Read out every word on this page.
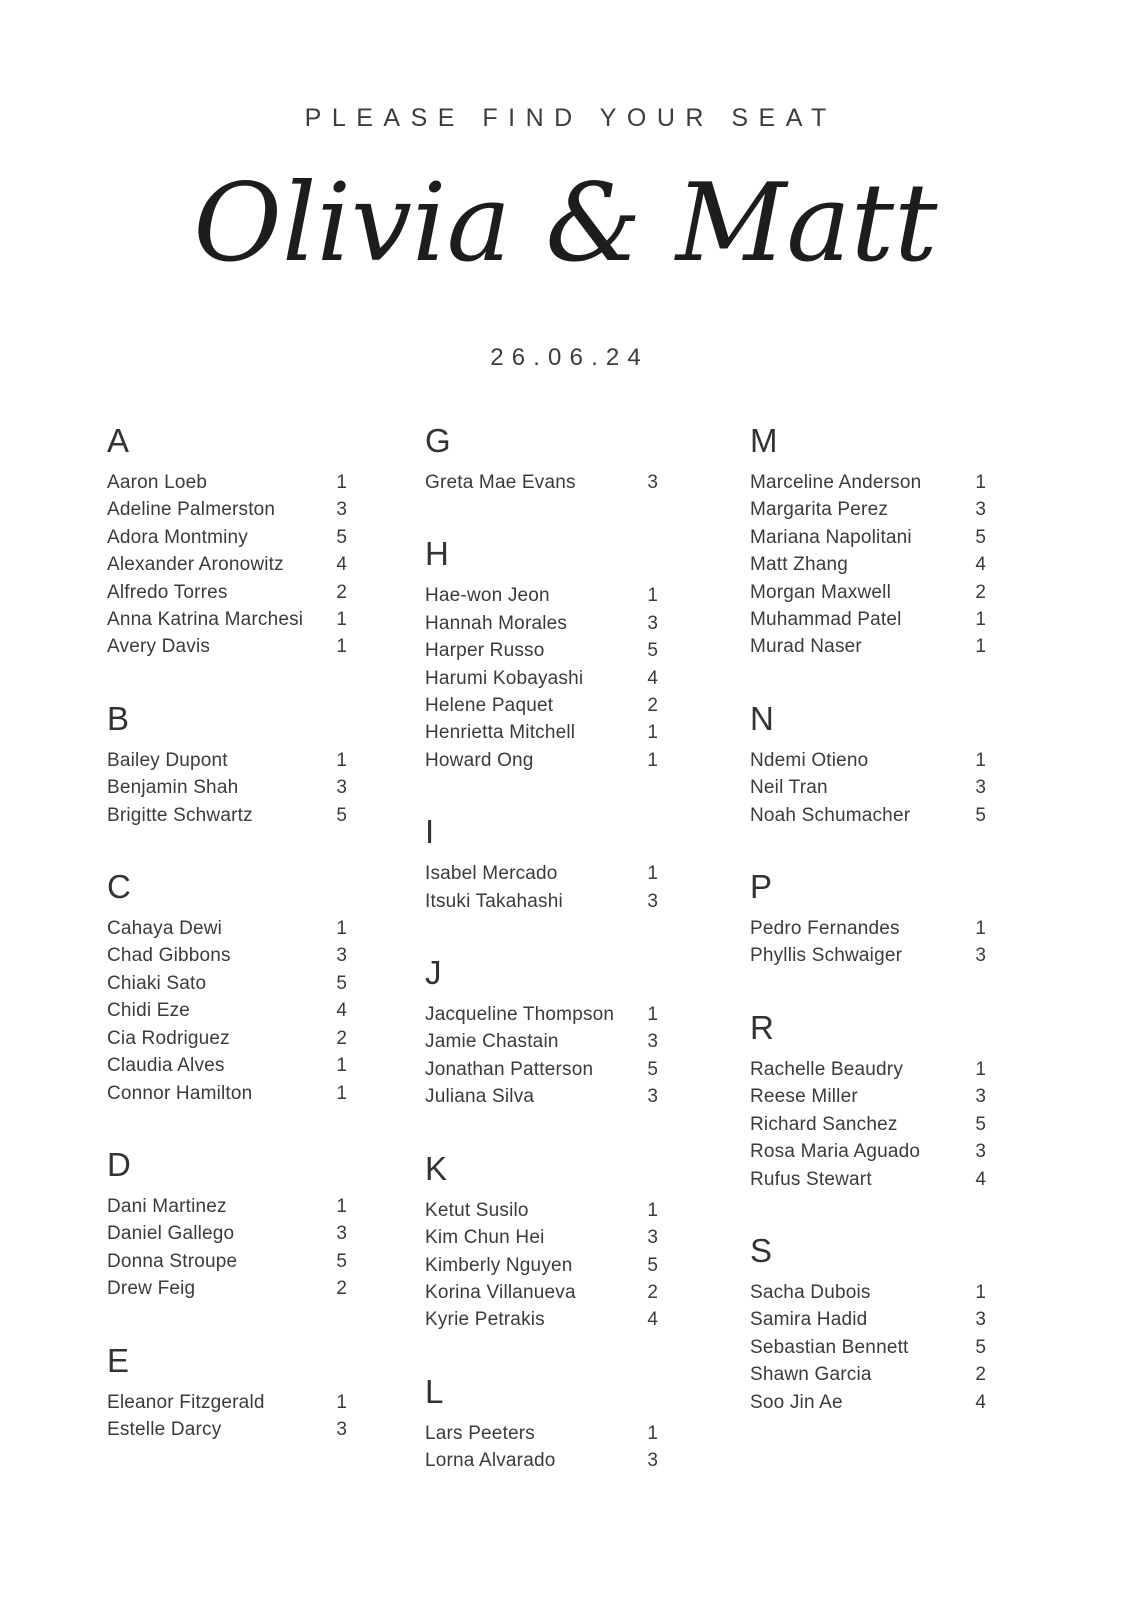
PLEASE FIND YOUR SEAT
Olivia & Matt
26.06.24
A
Aaron Loeb	1
Adeline Palmerston	3
Adora Montminy	5
Alexander Aronowitz	4
Alfredo Torres	2
Anna Katrina Marchesi 1
Avery Davis	1
B
Bailey Dupont	1
Benjamin Shah	3
Brigitte Schwartz	5
C
Cahaya Dewi	1
Chad Gibbons	3
Chiaki Sato	5
Chidi Eze	4
Cia Rodriguez	2
Claudia Alves	1
Connor Hamilton	1
D
Dani Martinez	1
Daniel Gallego	3
Donna Stroupe	5
Drew Feig	2
E
Eleanor Fitzgerald	1
Estelle Darcy	3
G
Greta Mae Evans	3
H
Hae-won Jeon	1
Hannah Morales	3
Harper Russo	5
Harumi Kobayashi	4
Helene Paquet	2
Henrietta Mitchell	1
Howard Ong	1
I
Isabel Mercado	1
Itsuki Takahashi	3
J
Jacqueline Thompson 1
Jamie Chastain	3
Jonathan Patterson	5
Juliana Silva	3
K
Ketut Susilo	1
Kim Chun Hei	3
Kimberly Nguyen	5
Korina Villanueva	2
Kyrie Petrakis	4
L
Lars Peeters	1
Lorna Alvarado	3
M
Marceline Anderson	1
Margarita Perez	3
Mariana Napolitani	5
Matt Zhang	4
Morgan Maxwell	2
Muhammad Patel	1
Murad Naser	1
N
Ndemi Otieno	1
Neil Tran	3
Noah Schumacher	5
P
Pedro Fernandes	1
Phyllis Schwaiger	3
R
Rachelle Beaudry	1
Reese Miller	3
Richard Sanchez	5
Rosa Maria Aguado	3
Rufus Stewart	4
S
Sacha Dubois	1
Samira Hadid	3
Sebastian Bennett	5
Shawn Garcia	2
Soo Jin Ae	4
